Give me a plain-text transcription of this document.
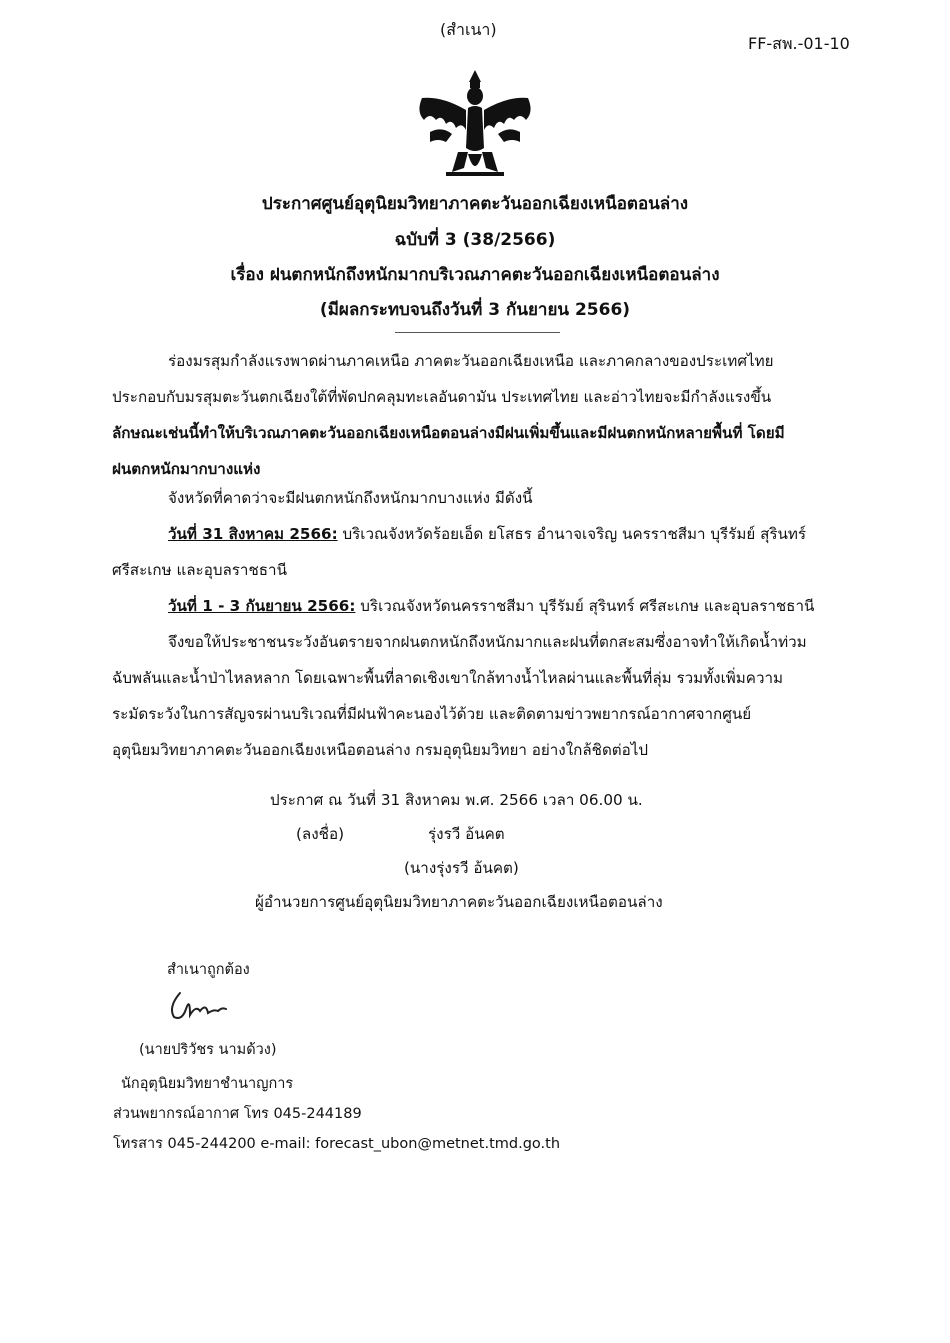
(สำเนา)
FF-สพ.-01-10
ประกาศศูนย์อุตุนิยมวิทยาภาคตะวันออกเฉียงเหนือตอนล่าง
ฉบับที่ 3 (38/2566)
เรื่อง ฝนตกหนักถึงหนักมากบริเวณภาคตะวันออกเฉียงเหนือตอนล่าง
(มีผลกระทบจนถึงวันที่ 3 กันยายน 2566)
ร่องมรสุมกำลังแรงพาดผ่านภาคเหนือ ภาคตะวันออกเฉียงเหนือ และภาคกลางของประเทศไทย
ประกอบกับมรสุมตะวันตกเฉียงใต้ที่พัดปกคลุมทะเลอันดามัน ประเทศไทย และอ่าวไทยจะมีกำลังแรงขึ้น
ลักษณะเช่นนี้ทำให้บริเวณภาคตะวันออกเฉียงเหนือตอนล่างมีฝนเพิ่มขึ้นและมีฝนตกหนักหลายพื้นที่ โดยมี
ฝนตกหนักมากบางแห่ง
จังหวัดที่คาดว่าจะมีฝนตกหนักถึงหนักมากบางแห่ง มีดังนี้
วันที่ 31 สิงหาคม 2566: บริเวณจังหวัดร้อยเอ็ด ยโสธร อำนาจเจริญ นครราชสีมา บุรีรัมย์ สุรินทร์
ศรีสะเกษ และอุบลราชธานี
วันที่ 1 - 3 กันยายน 2566: บริเวณจังหวัดนครราชสีมา บุรีรัมย์ สุรินทร์ ศรีสะเกษ และอุบลราชธานี
จึงขอให้ประชาชนระวังอันตรายจากฝนตกหนักถึงหนักมากและฝนที่ตกสะสมซึ่งอาจทำให้เกิดน้ำท่วม
ฉับพลันและน้ำป่าไหลหลาก โดยเฉพาะพื้นที่ลาดเชิงเขาใกล้ทางน้ำไหลผ่านและพื้นที่ลุ่ม รวมทั้งเพิ่มความ
ระมัดระวังในการสัญจรผ่านบริเวณที่มีฝนฟ้าคะนองไว้ด้วย และติดตามข่าวพยากรณ์อากาศจากศูนย์
อุตุนิยมวิทยาภาคตะวันออกเฉียงเหนือตอนล่าง กรมอุตุนิยมวิทยา อย่างใกล้ชิดต่อไป
ประกาศ ณ วันที่ 31 สิงหาคม พ.ศ. 2566 เวลา 06.00 น.
(ลงชื่อ)	รุ่งรวี อ้นคต
(นางรุ่งรวี อ้นคต)
ผู้อำนวยการศูนย์อุตุนิยมวิทยาภาคตะวันออกเฉียงเหนือตอนล่าง
สำเนาถูกต้อง
(นายปริวัชร นามด้วง)
นักอุตุนิยมวิทยาชำนาญการ
ส่วนพยากรณ์อากาศ โทร 045-244189
โทรสาร 045-244200 e-mail: forecast_ubon@metnet.tmd.go.th
